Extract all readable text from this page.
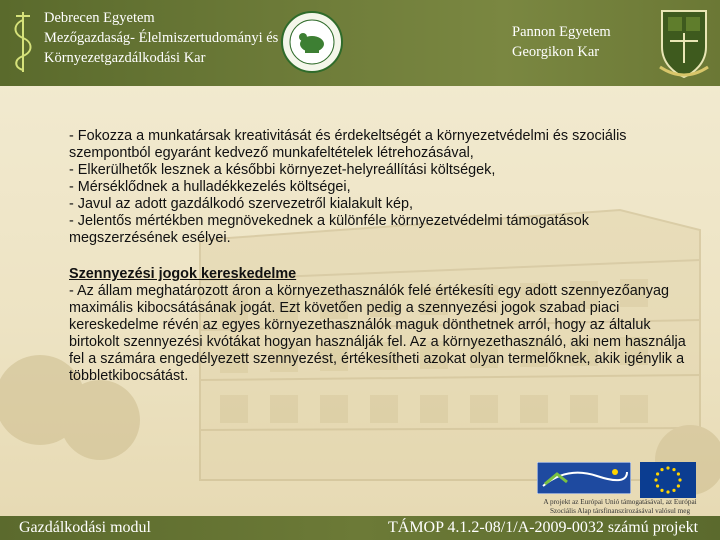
Debrecen Egyetem
Mezőgazdaság- Élelmiszertudományi és
Környezetgazdálkodási Kar
Pannon Egyetem
Georgikon Kar

- Fokozza a munkatársak kreativitását és érdekeltségét a környezetvédelmi és szociális szempontból egyaránt kedvező munkafeltételek létrehozásával,

- Elkerülhetők lesznek a későbbi környezet-helyreállítási költségek,

- Mérséklődnek a hulladékkezelés költségei,

- Javul az adott gazdálkodó szervezetről kialakult kép,

- Jelentős mértékben megnövekednek a különféle környezetvédelmi támogatások megszerzésének esélyei.

Szennyezési jogok kereskedelme

- Az állam meghatározott áron a környezethasználók felé értékesíti egy adott szennyezőanyag maximális kibocsátásának jogát. Ezt követően pedig a szennyezési jogok szabad piaci kereskedelme révén az egyes környezethasználók maguk dönthetnek arról, hogy az általuk birtokolt szennyezési kvótákat hogyan használják fel. Az a környezethasználó, aki nem használja fel a számára engedélyezett szennyezést, értékesítheti azokat olyan termelőknek, akik igénylik a többletkibocsátást.

A projekt az Európai Unió támogatásával, az Európai Szociális Alap társfinanszírozásával valósul meg
Gazdálkodási modul	TÁMOP 4.1.2-08/1/A-2009-0032 számú projekt
